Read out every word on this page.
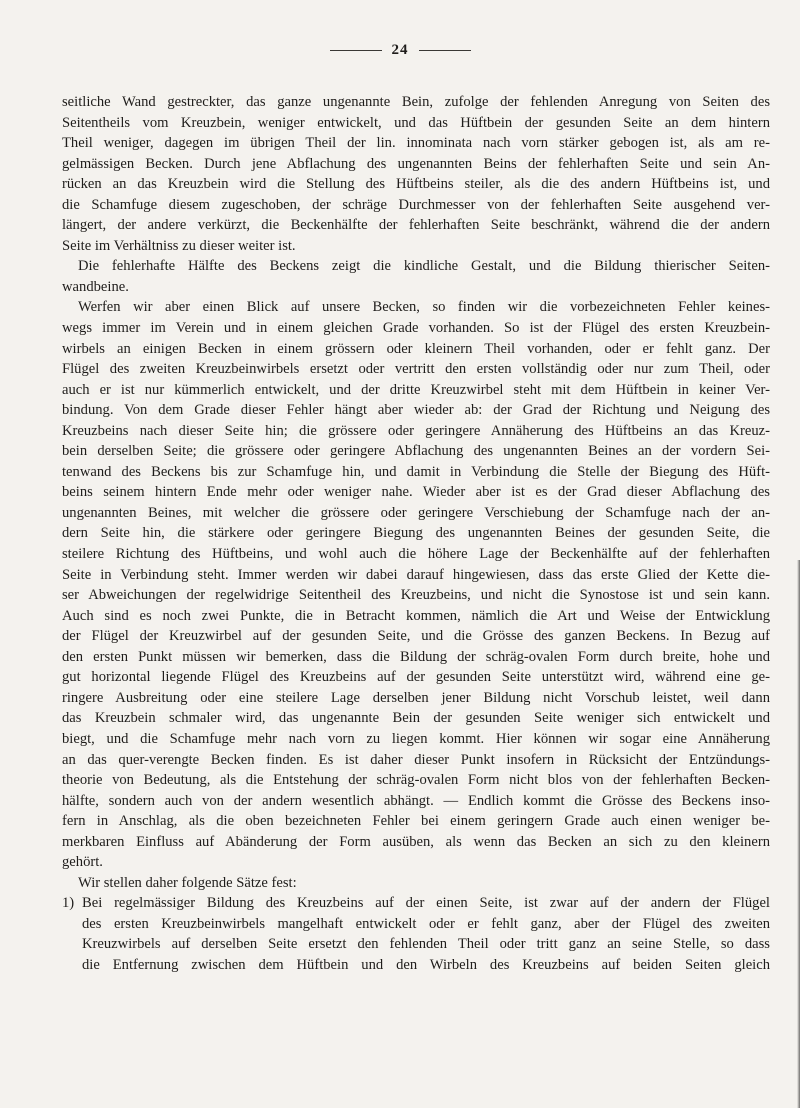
24
seitliche Wand gestreckter, das ganze ungenannte Bein, zufolge der fehlenden Anregung von Seiten des
Seitentheils vom Kreuzbein, weniger entwickelt, und das Hüftbein der gesunden Seite an dem hintern
Theil weniger, dagegen im übrigen Theil der lin. innominata nach vorn stärker gebogen ist, als am re-
gelmässigen Becken. Durch jene Abflachung des ungenannten Beins der fehlerhaften Seite und sein An-
rücken an das Kreuzbein wird die Stellung des Hüftbeins steiler, als die des andern Hüftbeins ist, und
die Schamfuge diesem zugeschoben, der schräge Durchmesser von der fehlerhaften Seite ausgehend ver-
längert, der andere verkürzt, die Beckenhälfte der fehlerhaften Seite beschränkt, während die der andern
Seite im Verhältniss zu dieser weiter ist.
Die fehlerhafte Hälfte des Beckens zeigt die kindliche Gestalt, und die Bildung thierischer Seiten-
wandbeine.
Werfen wir aber einen Blick auf unsere Becken, so finden wir die vorbezeichneten Fehler keines-
wegs immer im Verein und in einem gleichen Grade vorhanden. So ist der Flügel des ersten Kreuzbein-
wirbels an einigen Becken in einem grössern oder kleinern Theil vorhanden, oder er fehlt ganz. Der
Flügel des zweiten Kreuzbeinwirbels ersetzt oder vertritt den ersten vollständig oder nur zum Theil, oder
auch er ist nur kümmerlich entwickelt, und der dritte Kreuzwirbel steht mit dem Hüftbein in keiner Ver-
bindung. Von dem Grade dieser Fehler hängt aber wieder ab: der Grad der Richtung und Neigung des
Kreuzbeins nach dieser Seite hin; die grössere oder geringere Annäherung des Hüftbeins an das Kreuz-
bein derselben Seite; die grössere oder geringere Abflachung des ungenannten Beines an der vordern Sei-
tenwand des Beckens bis zur Schamfuge hin, und damit in Verbindung die Stelle der Biegung des Hüft-
beins seinem hintern Ende mehr oder weniger nahe. Wieder aber ist es der Grad dieser Abflachung des
ungenannten Beines, mit welcher die grössere oder geringere Verschiebung der Schamfuge nach der an-
dern Seite hin, die stärkere oder geringere Biegung des ungenannten Beines der gesunden Seite, die
steilere Richtung des Hüftbeins, und wohl auch die höhere Lage der Beckenhälfte auf der fehlerhaften
Seite in Verbindung steht. Immer werden wir dabei darauf hingewiesen, dass das erste Glied der Kette die-
ser Abweichungen der regelwidrige Seitentheil des Kreuzbeins, und nicht die Synostose ist und sein kann.
Auch sind es noch zwei Punkte, die in Betracht kommen, nämlich die Art und Weise der Entwicklung
der Flügel der Kreuzwirbel auf der gesunden Seite, und die Grösse des ganzen Beckens. In Bezug auf
den ersten Punkt müssen wir bemerken, dass die Bildung der schräg-ovalen Form durch breite, hohe und
gut horizontal liegende Flügel des Kreuzbeins auf der gesunden Seite unterstützt wird, während eine ge-
ringere Ausbreitung oder eine steilere Lage derselben jener Bildung nicht Vorschub leistet, weil dann
das Kreuzbein schmaler wird, das ungenannte Bein der gesunden Seite weniger sich entwickelt und
biegt, und die Schamfuge mehr nach vorn zu liegen kommt. Hier können wir sogar eine Annäherung
an das quer-verengte Becken finden. Es ist daher dieser Punkt insofern in Rücksicht der Entzündungs-
theorie von Bedeutung, als die Entstehung der schräg-ovalen Form nicht blos von der fehlerhaften Becken-
hälfte, sondern auch von der andern wesentlich abhängt. — Endlich kommt die Grösse des Beckens inso-
fern in Anschlag, als die oben bezeichneten Fehler bei einem geringern Grade auch einen weniger be-
merkbaren Einfluss auf Abänderung der Form ausüben, als wenn das Becken an sich zu den kleinern
gehört.
Wir stellen daher folgende Sätze fest:
1) Bei regelmässiger Bildung des Kreuzbeins auf der einen Seite, ist zwar auf der andern der Flügel
des ersten Kreuzbeinwirbels mangelhaft entwickelt oder er fehlt ganz, aber der Flügel des zweiten
Kreuzwirbels auf derselben Seite ersetzt den fehlenden Theil oder tritt ganz an seine Stelle, so dass
die Entfernung zwischen dem Hüftbein und den Wirbeln des Kreuzbeins auf beiden Seiten gleich
